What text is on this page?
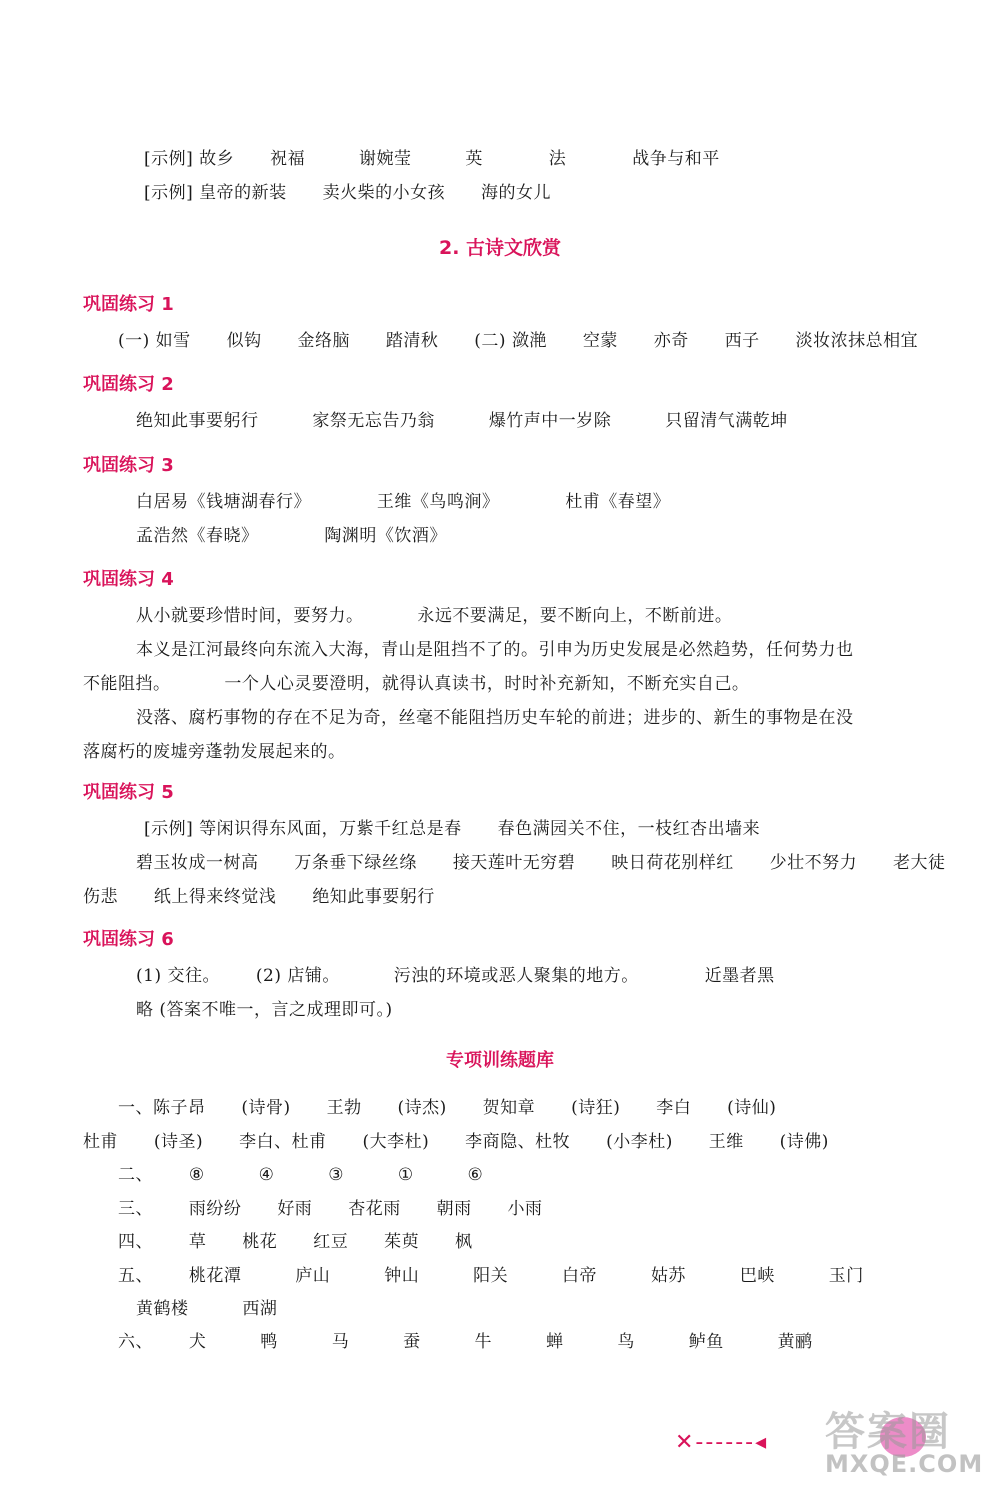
[示例] 故乡 祝福	谢婉莹	英	法	战争与和平
[示例] 皇帝的新装 卖火柴的小女孩 海的女儿
2. 古诗文欣赏
巩固练习 1
(一) 如雪 似钩 金络脑 踏清秋 (二) 潋滟 空蒙 亦奇 西子 淡妆浓抹总相宜
巩固练习 2
绝知此事要躬行	家祭无忘告乃翁	爆竹声中一岁除	只留清气满乾坤
巩固练习 3
白居易《钱塘湖春行》	王维《鸟鸣涧》	杜甫《春望》
孟浩然《春晓》	陶渊明《饮酒》
巩固练习 4
从小就要珍惜时间，要努力。	永远不要满足，要不断向上，不断前进。
本义是江河最终向东流入大海，青山是阻挡不了的。引申为历史发展是必然趋势，任何势力也
不能阻挡。	一个人心灵要澄明，就得认真读书，时时补充新知，不断充实自己。
没落、腐朽事物的存在不足为奇，丝毫不能阻挡历史车轮的前进；进步的、新生的事物是在没
落腐朽的废墟旁蓬勃发展起来的。
巩固练习 5
[示例] 等闲识得东风面，万紫千红总是春 春色满园关不住，一枝红杏出墙来
碧玉妆成一树高 万条垂下绿丝绦 接天莲叶无穷碧 映日荷花别样红 少壮不努力 老大徒
伤悲 纸上得来终觉浅 绝知此事要躬行
巩固练习 6
(1) 交往。 (2) 店铺。	污浊的环境或恶人聚集的地方。	近墨者黑
略 (答案不唯一，言之成理即可。)
专项训练题库
一、陈子昂 (诗骨) 王勃 (诗杰) 贺知章 (诗狂) 李白 (诗仙)
杜甫 (诗圣) 李白、杜甫 (大李杜) 李商隐、杜牧 (小李杜) 王维 (诗佛)
二、 ⑧	④	③	①	⑥
三、 雨纷纷 好雨 杏花雨 朝雨 小雨
四、 草 桃花 红豆 茱萸 枫
五、 桃花潭	庐山	钟山	阳关	白帝	姑苏	巴峡	玉门
黄鹤楼	西湖
六、 犬	鸭	马	蚕	牛	蝉	鸟	鲈鱼	黄鹂
✕------◂ 答案圈
MXQE.COM
